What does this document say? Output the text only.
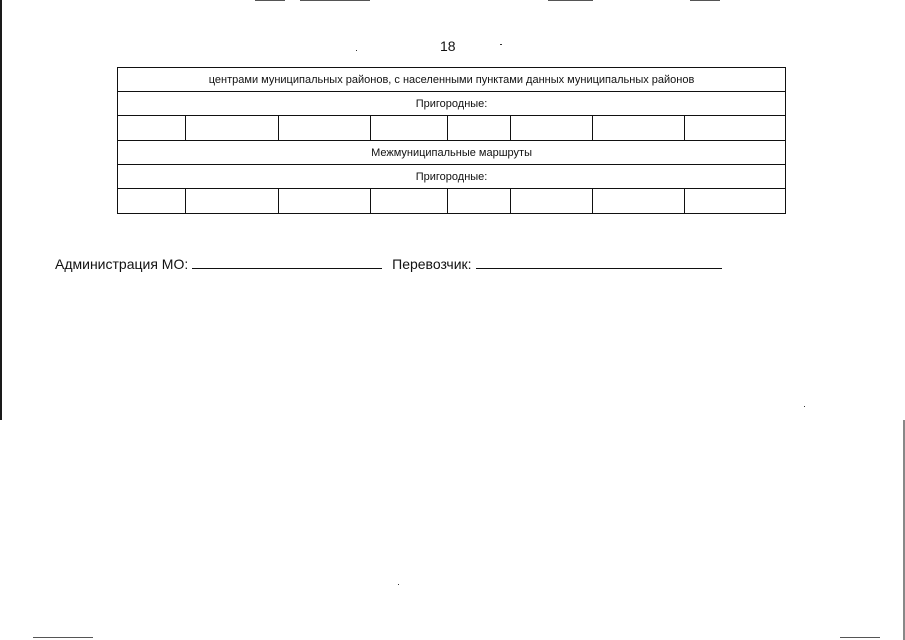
18
центрами муниципальных районов, с населенными пунктами данных муниципальных районов							
Пригородные:							

Межмуниципальные маршруты							
Пригородные:							

Администрация МО:	Перевозчик:
